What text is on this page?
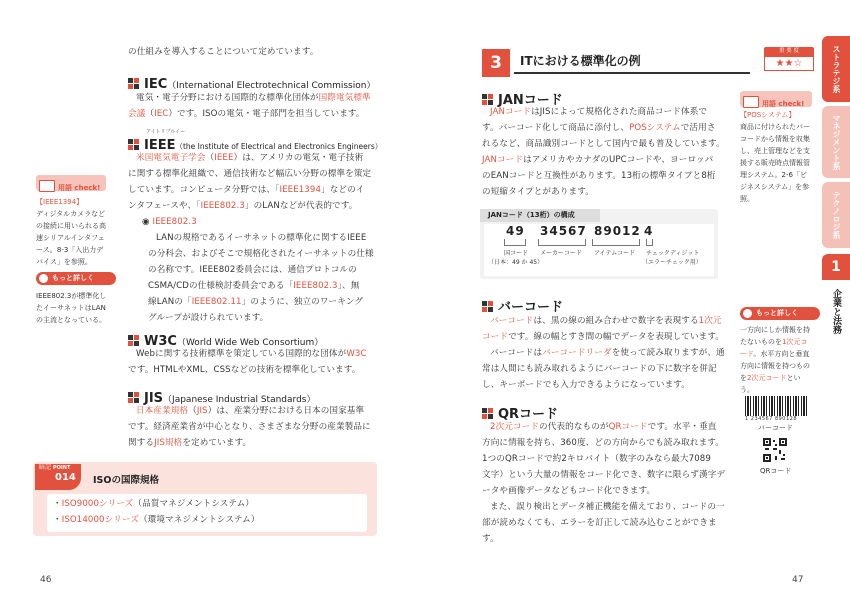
の仕組みを導入することについて定めています。
IEC（International Electrotechnical Commission）
電気・電子分野における国際的な標準化団体が国際電気標準
会議（IEC）です。ISOの電気・電子部門を担当しています。
アイトリプルイー
IEEE（the Institute of Electrical and Electronics Engineers）
米国電気電子学会（IEEE）は、アメリカの電気・電子技術
に関する標準化組織で、通信技術など幅広い分野の標準を策定
しています。コンピュータ分野では、「IEEE1394」などのイ
ンタフェースや、「IEEE802.3」のLANなどが代表的です。
◉ IEEE802.3
LANの規格であるイーサネットの標準化に関するIEEE
の分科会、およびそこで規格化されたイーサネットの仕様
の名称です。IEEE802委員会には、通信プロトコルの
CSMA/CDの仕様検討委員会である「IEEE802.3」、無
線LANの「IEEE802.11」のように、独立のワーキング
グループが設けられています。
W3C（World Wide Web Consortium）
Webに関する技術標準を策定している国際的な団体がW3C
です。HTMLやXML、CSSなどの技術を標準化しています。
JIS（Japanese Industrial Standards）
日本産業規格（JIS）は、産業分野における日本の国家基準
です。経済産業省が中心となり、さまざまな分野の産業製品に
関するJIS規格を定めています。
暗記 POINT
014	ISOの国際規格
・ISO9000シリーズ（品質マネジメントシステム）
・ISO14000シリーズ（環境マネジメントシステム）
46
用語 check!
【IEEE1394】
ディジタルカメラなど
の接続に用いられる高
速シリアルインタフェ
ース。8-3「入出力デ
バイス」を参照。
もっと詳しく
IEEE802.3が標準化し
たイーサネットはLAN
の主流となっている。
3	ITにおける標準化の例
重 要 度
★★☆
JANコード
JANコードはJISによって規格化された商品コード体系で
す。バーコード化して商品に添付し、POSシステムで活用さ
れるなど、商品識別コードとして国内で最も普及しています。
JANコードはアメリカやカナダのUPCコードや、ヨーロッパ
のEANコードと互換性があります。13桁の標準タイプと8桁
の短縮タイプとがあります。
JANコード（13桁）の構成
49 34567 89012 4
国コード
（日本：49 か 45）
メーカーコード アイテムコード チェックディジット
（エラーチェック用）
バーコード
バーコードは、黒の線の組み合わせで数字を表現する1次元
コードです。線の幅とすき間の幅でデータを表現しています。
バーコードはバーコードリーダを使って読み取りますが、通
常は人間にも読み取れるようにバーコードの下に数字を併記
し、キーボードでも入力できるようになっています。
QRコード
2次元コードの代表的なものがQRコードです。水平・垂直
方向に情報を持ち、360度、どの方向からでも読み取れます。
1つのQRコードで約2キロバイト（数字のみなら最大7089
文字）という大量の情報をコード化でき、数字に限らず漢字デ
ータや画像データなどもコード化できます。
また、誤り検出とデータ補正機能を備えており、コードの一
部が読めなくても、エラーを訂正して読み込むことができます。
47
用語 check!
【POSシステム】
商品に付けられたバー
コードから情報を収集
し、売上管理などを支
援する販売時点情報管
理システム。2-6「ビ
ジネスシステム」を参
照。
もっと詳しく
一方向にしか情報を持
たないものを1次元コ
ード。水平方向と垂直
方向に情報を持つもの
を2次元コードとい
う。
1 234567 890128
バーコード
QRコード
ストラテジ系
マネジメント系
テクノロジ系
1
企業と法務
